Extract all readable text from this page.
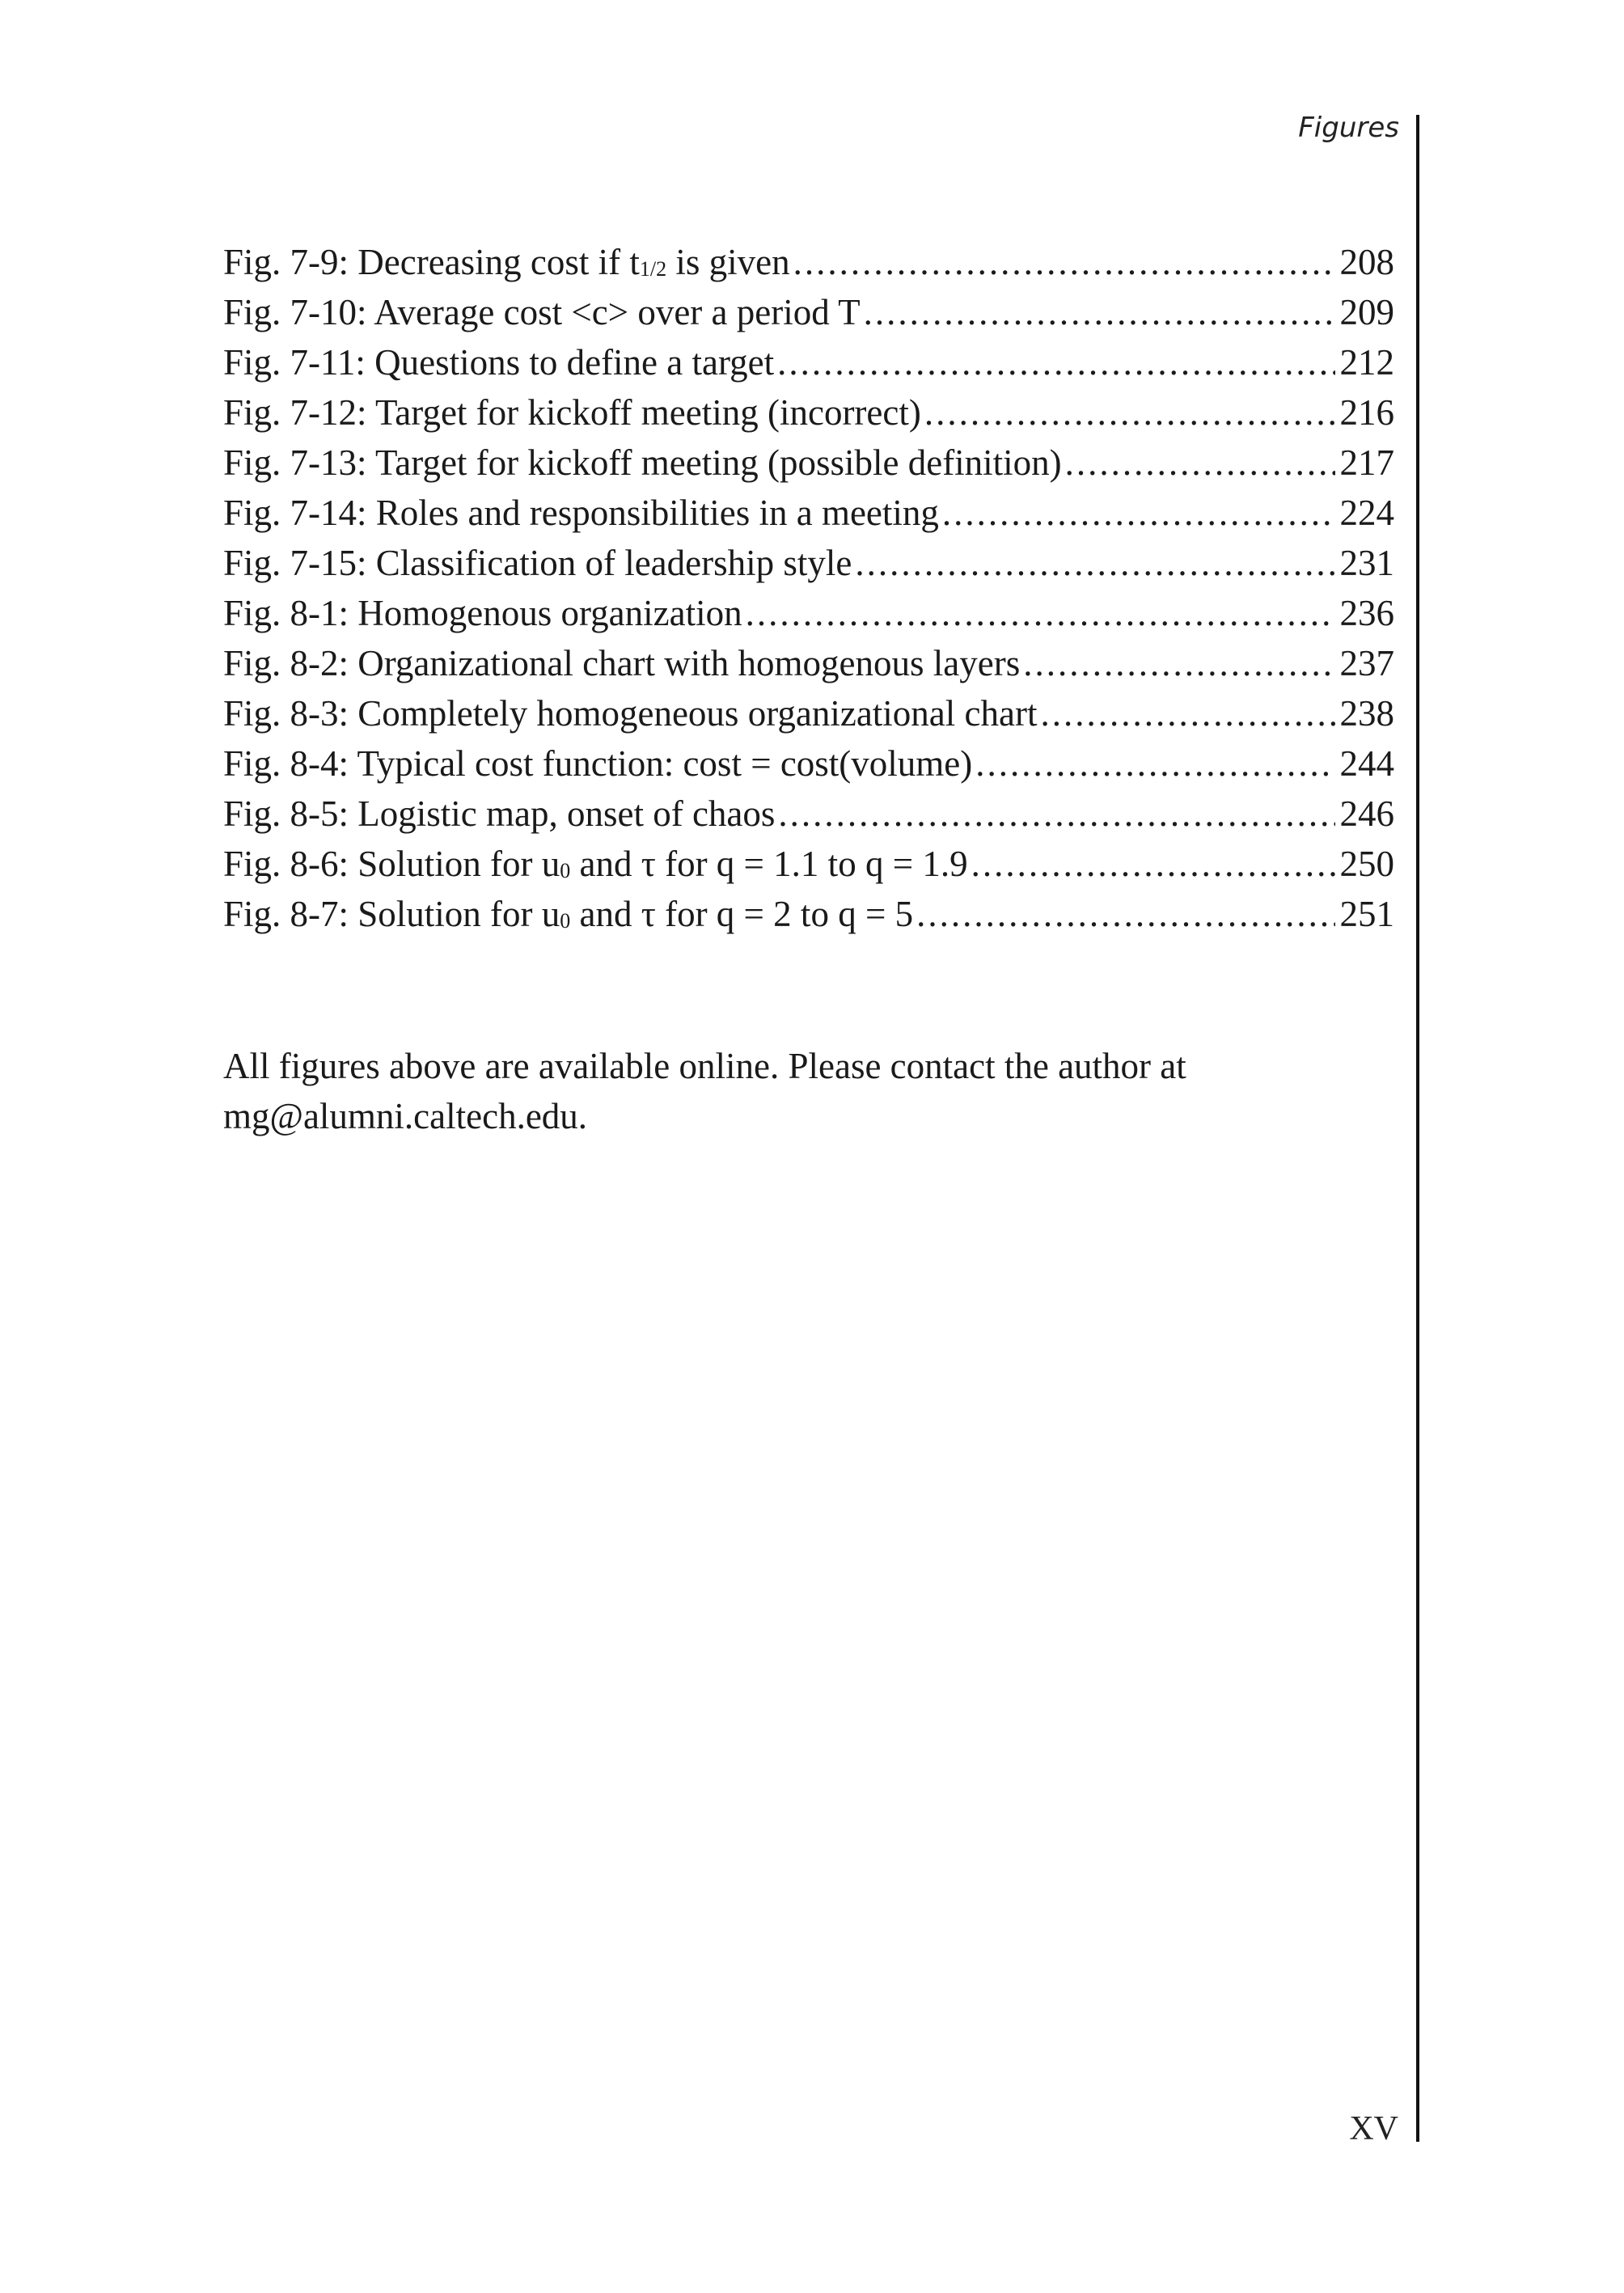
Figures
Fig. 7-9: Decreasing cost if t1/2 is given .....	208
Fig. 7-10: Average cost <c> over a period T .....	209
Fig. 7-11: Questions to define a target .....	212
Fig. 7-12: Target for kickoff meeting (incorrect) .....	216
Fig. 7-13: Target for kickoff meeting (possible definition) .....	217
Fig. 7-14: Roles and responsibilities in a meeting .....	224
Fig. 7-15: Classification of leadership style .....	231
Fig. 8-1: Homogenous organization .....	236
Fig. 8-2: Organizational chart with homogenous layers .....	237
Fig. 8-3: Completely homogeneous organizational chart .....	238
Fig. 8-4: Typical cost function: cost = cost(volume) .....	244
Fig. 8-5: Logistic map, onset of chaos .....	246
Fig. 8-6: Solution for u0 and τ for q = 1.1 to q = 1.9 .....	250
Fig. 8-7: Solution for u0 and τ for q = 2 to q = 5 .....	251

All figures above are available online. Please contact the author at
mg@alumni.caltech.edu.

XV
